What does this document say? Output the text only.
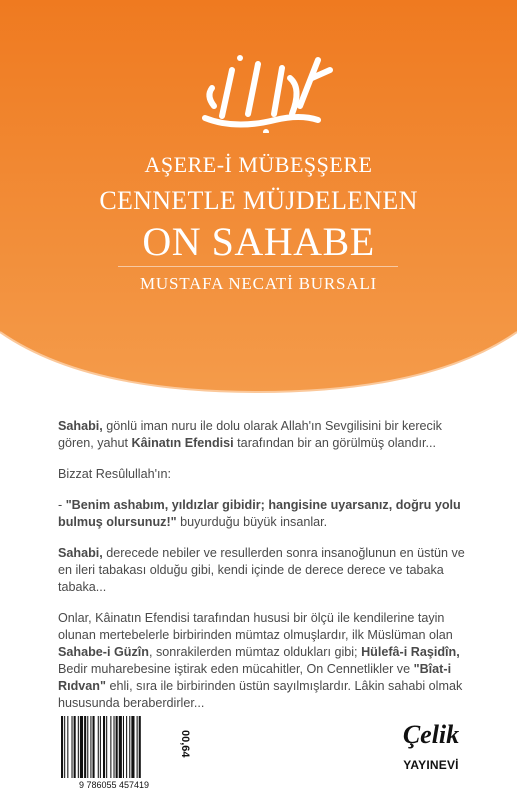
AŞERE-İ MÜBEŞŞERE
CENNETLE MÜJDELENEN
ON SAHABE
MUSTAFA NECATİ BURSALI

Sahabi, gönlü iman nuru ile dolu olarak Allah'ın Sevgilisini bir kerecik gören, yahut Kâinatın Efendisi tarafından bir an görülmüş olandır...

Bizzat Resûlullah'ın:

- "Benim ashabım, yıldızlar gibidir; hangisine uyarsanız, doğru yolu bulmuş olursunuz!" buyurduğu büyük insanlar.

Sahabi, derecede nebiler ve resullerden sonra insanoğlunun en üstün ve en ileri tabakası olduğu gibi, kendi içinde de derece derece ve tabaka tabaka...

Onlar, Kâinatın Efendisi tarafından hususi bir ölçü ile kendilerine tayin olunan mertebelerle birbirinden mümtaz olmuşlardır, ilk Müslüman olan Sahabe-i Güzîn, sonrakilerden mümtaz oldukları gibi; Hülefâ-i Raşidîn, Bedir muharebesine iştirak eden mücahitler, On Cennetlikler ve "Bîat-i Rıdvan" ehli, sıra ile birbirinden üstün sayılmışlardır. Lâkin sahabi olmak hususunda beraberdirler...

9 786055 457419
00,64	Çelik
YAYINEVİ
